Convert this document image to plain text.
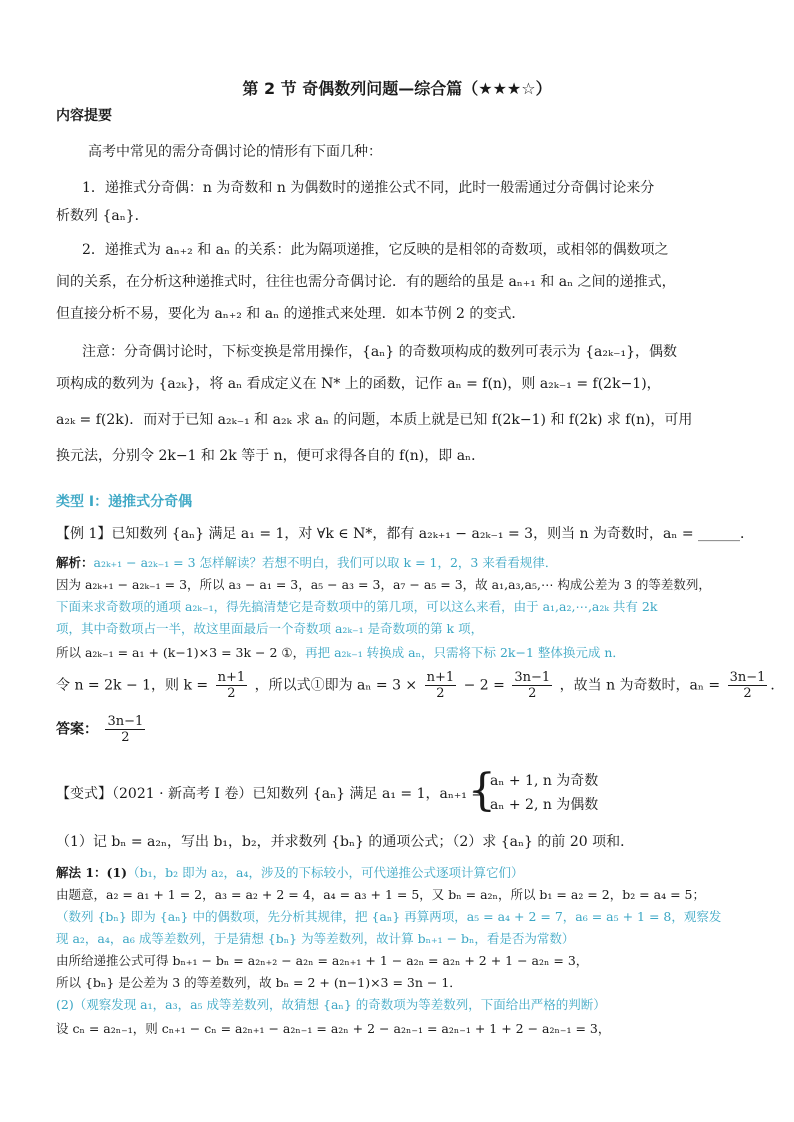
第 2 节 奇偶数列问题—综合篇（★★★☆）
内容提要
高考中常见的需分奇偶讨论的情形有下面几种：
1．递推式分奇偶：n 为奇数和 n 为偶数时的递推公式不同，此时一般需通过分奇偶讨论来分
析数列 {aₙ}．
2．递推式为 aₙ₊₂ 和 aₙ 的关系：此为隔项递推，它反映的是相邻的奇数项，或相邻的偶数项之
间的关系，在分析这种递推式时，往往也需分奇偶讨论．有的题给的虽是 aₙ₊₁ 和 aₙ 之间的递推式，
但直接分析不易，要化为 aₙ₊₂ 和 aₙ 的递推式来处理．如本节例 2 的变式．
注意：分奇偶讨论时，下标变换是常用操作，{aₙ} 的奇数项构成的数列可表示为 {a₂ₖ₋₁}，偶数
项构成的数列为 {a₂ₖ}，将 aₙ 看成定义在 N* 上的函数，记作 aₙ = f(n)，则 a₂ₖ₋₁ = f(2k−1)，
a₂ₖ = f(2k)．而对于已知 a₂ₖ₋₁ 和 a₂ₖ 求 aₙ 的问题，本质上就是已知 f(2k−1) 和 f(2k) 求 f(n)，可用
换元法，分别令 2k−1 和 2k 等于 n，便可求得各自的 f(n)，即 aₙ．
类型 I：递推式分奇偶
【例 1】已知数列 {aₙ} 满足 a₁ = 1，对 ∀k ∈ N*，都有 a₂ₖ₊₁ − a₂ₖ₋₁ = 3，则当 n 为奇数时，aₙ = ______．
解析：a₂ₖ₊₁ − a₂ₖ₋₁ = 3 怎样解读？若想不明白，我们可以取 k = 1，2，3 来看看规律．
因为 a₂ₖ₊₁ − a₂ₖ₋₁ = 3，所以 a₃ − a₁ = 3，a₅ − a₃ = 3，a₇ − a₅ = 3，故 a₁,a₃,a₅,⋯ 构成公差为 3 的等差数列，
下面来求奇数项的通项 a₂ₖ₋₁，得先搞清楚它是奇数项中的第几项，可以这么来看，由于 a₁,a₂,⋯,a₂ₖ 共有 2k
项，其中奇数项占一半，故这里面最后一个奇数项 a₂ₖ₋₁ 是奇数项的第 k 项，
所以 a₂ₖ₋₁ = a₁ + (k−1)×3 = 3k − 2 ①，再把 a₂ₖ₋₁ 转换成 aₙ，只需将下标 2k−1 整体换元成 n．
令 n = 2k − 1，则 $k = \frac{n+1}{2}$ ，所以式①即为 $a_n = 3 \times \frac{n+1}{2} - 2 = \frac{3n-1}{2}$ ，故当 n 为奇数时，$a_n = \frac{3n-1}{2}$ ．
答案： $\frac{3n-1}{2}$
【变式】（2021 · 新高考 I 卷）已知数列 {aₙ} 满足 a₁ = 1，aₙ₊₁ =
{
aₙ + 1, n 为奇数
aₙ + 2, n 为偶数
（1）记 bₙ = a₂ₙ，写出 b₁，b₂，并求数列 {bₙ} 的通项公式；（2）求 {aₙ} 的前 20 项和．
解法 1：(1)（b₁，b₂ 即为 a₂，a₄，涉及的下标较小，可代递推公式逐项计算它们）
由题意，a₂ = a₁ + 1 = 2，a₃ = a₂ + 2 = 4，a₄ = a₃ + 1 = 5，又 bₙ = a₂ₙ，所以 b₁ = a₂ = 2，b₂ = a₄ = 5；
（数列 {bₙ} 即为 {aₙ} 中的偶数项，先分析其规律，把 {aₙ} 再算两项，a₅ = a₄ + 2 = 7，a₆ = a₅ + 1 = 8，观察发
现 a₂，a₄，a₆ 成等差数列，于是猜想 {bₙ} 为等差数列，故计算 bₙ₊₁ − bₙ，看是否为常数）
由所给递推公式可得 bₙ₊₁ − bₙ = a₂ₙ₊₂ − a₂ₙ = a₂ₙ₊₁ + 1 − a₂ₙ = a₂ₙ + 2 + 1 − a₂ₙ = 3，
所以 {bₙ} 是公差为 3 的等差数列，故 bₙ = 2 + (n−1)×3 = 3n − 1．
(2)（观察发现 a₁，a₃，a₅ 成等差数列，故猜想 {aₙ} 的奇数项为等差数列，下面给出严格的判断）
设 cₙ = a₂ₙ₋₁，则 cₙ₊₁ − cₙ = a₂ₙ₊₁ − a₂ₙ₋₁ = a₂ₙ + 2 − a₂ₙ₋₁ = a₂ₙ₋₁ + 1 + 2 − a₂ₙ₋₁ = 3，
